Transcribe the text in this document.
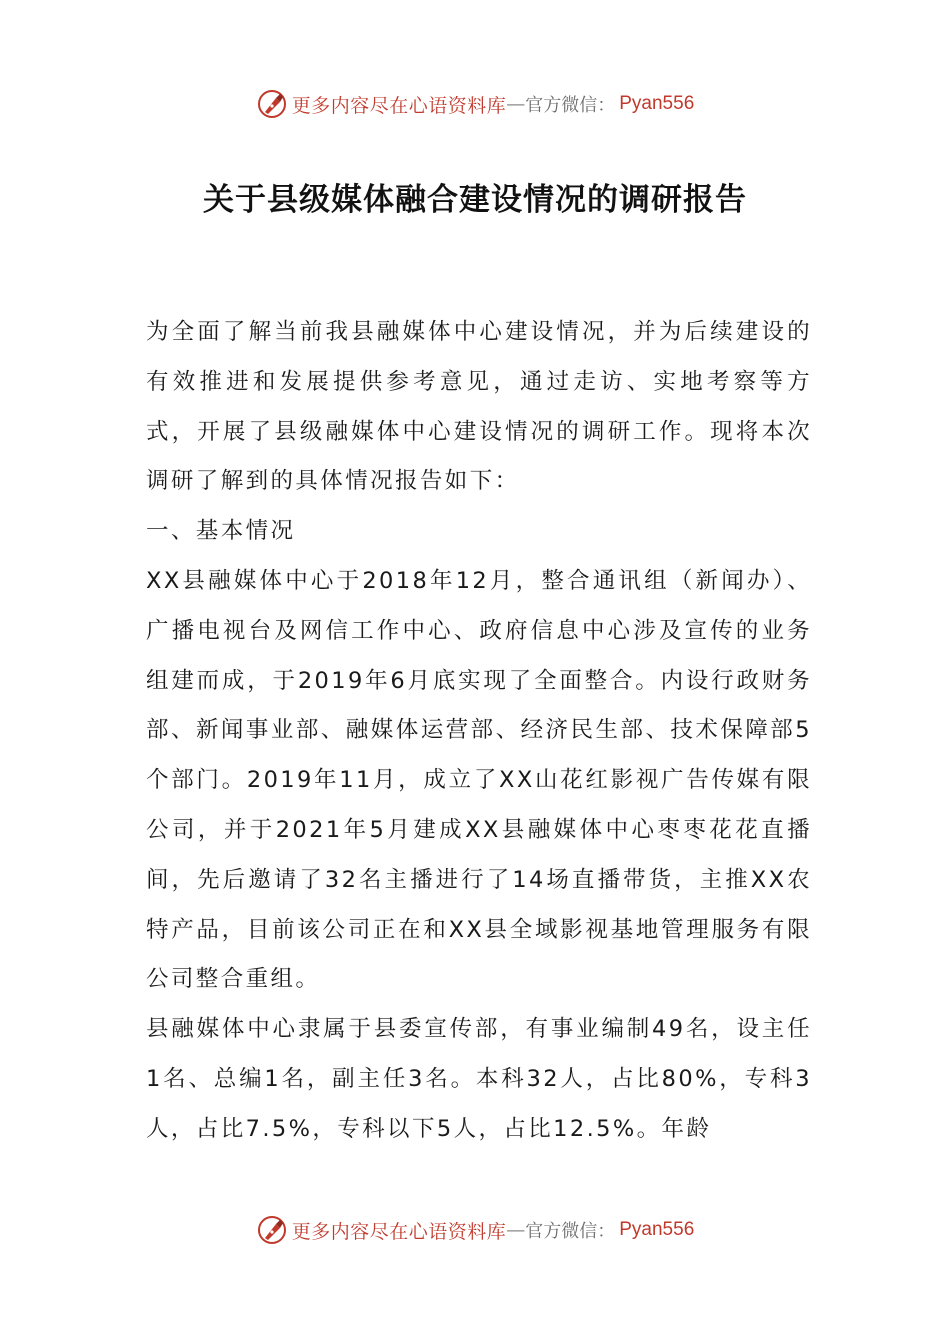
更多内容尽在心语资料库 — 官方微信： Pyan556
关于县级媒体融合建设情况的调研报告

为全面了解当前我县融媒体中心建设情况，并为后续建设的有效推进和发展提供参考意见，通过走访、实地考察等方式，开展了县级融媒体中心建设情况的调研工作。现将本次调研了解到的具体情况报告如下：

一、基本情况

XX县融媒体中心于2018年12月，整合通讯组（新闻办）、广播电视台及网信工作中心、政府信息中心涉及宣传的业务组建而成，于2019年6月底实现了全面整合。内设行政财务部、新闻事业部、融媒体运营部、经济民生部、技术保障部5个部门。2019年11月，成立了XX山花红影视广告传媒有限公司，并于2021年5月建成XX县融媒体中心枣枣花花直播间，先后邀请了32名主播进行了14场直播带货，主推XX农特产品，目前该公司正在和XX县全域影视基地管理服务有限公司整合重组。

县融媒体中心隶属于县委宣传部，有事业编制49名，设主任1名、总编1名，副主任3名。本科32人，占比80%，专科3人，占比7.5%，专科以下5人，占比12.5%。年龄

更多内容尽在心语资料库 — 官方微信： Pyan556
